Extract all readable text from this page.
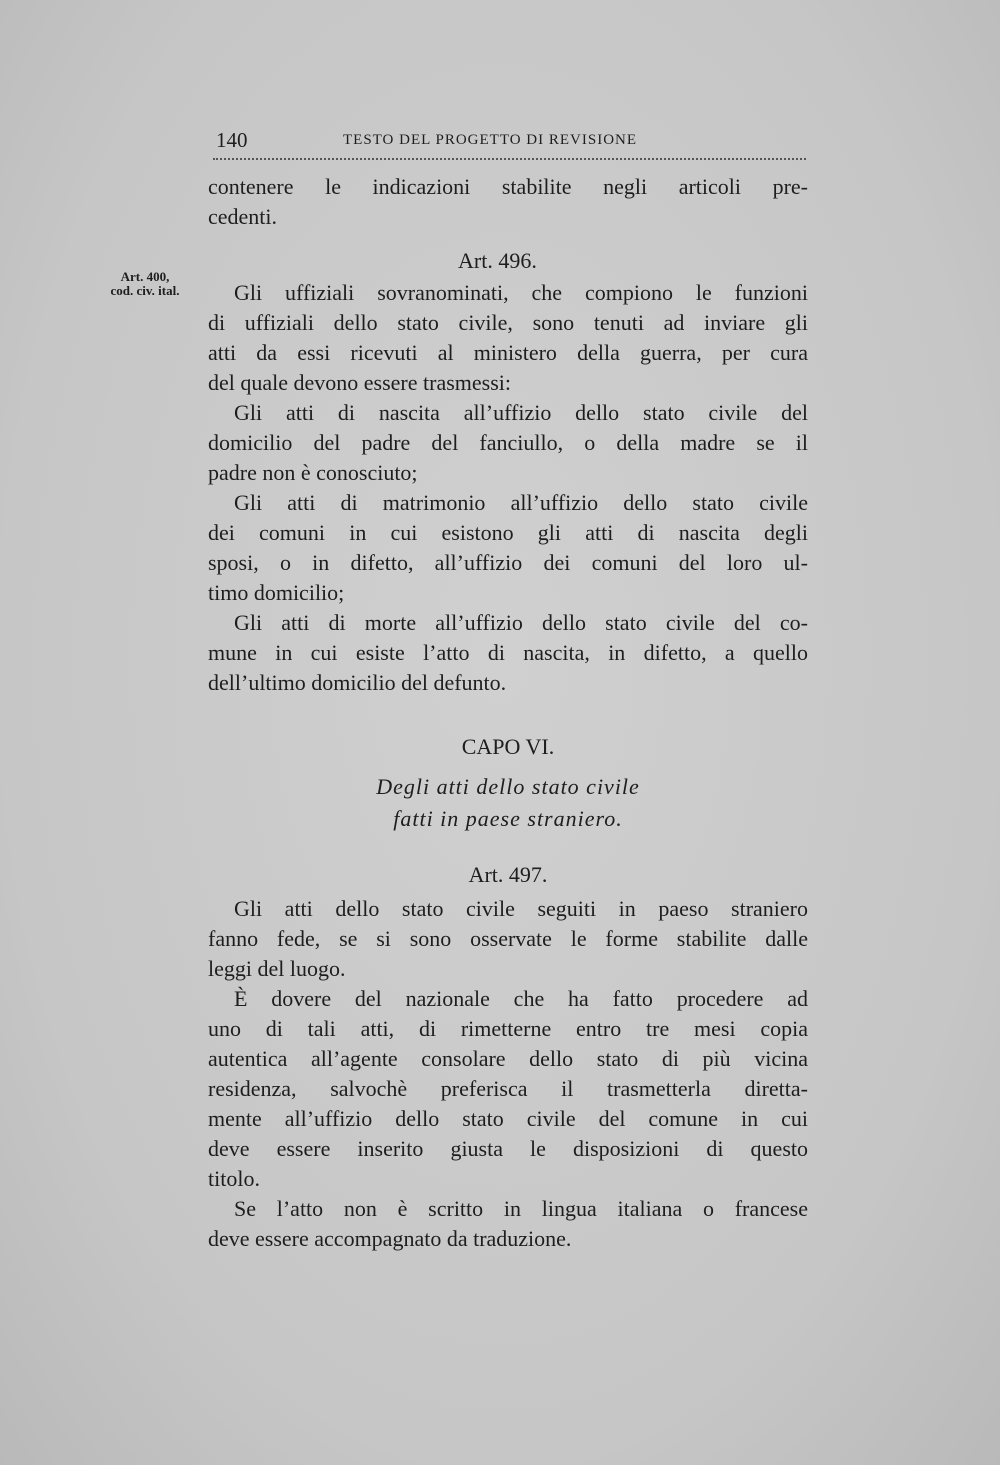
140	TESTO DEL PROGETTO DI REVISIONE
Art. 400,
cod. civ. ital.
contenere le indicazioni stabilite negli articoli pre-
cedenti.
Art. 496.
Gli uffiziali sovranominati, che compiono le funzioni
di uffiziali dello stato civile, sono tenuti ad inviare gli
atti da essi ricevuti al ministero della guerra, per cura
del quale devono essere trasmessi:
Gli atti di nascita all’uffizio dello stato civile del
domicilio del padre del fanciullo, o della madre se il
padre non è conosciuto;
Gli atti di matrimonio all’uffizio dello stato civile
dei comuni in cui esistono gli atti di nascita degli
sposi, o in difetto, all’uffizio dei comuni del loro ul-
timo domicilio;
Gli atti di morte all’uffizio dello stato civile del co-
mune in cui esiste l’atto di nascita, in difetto, a quello
dell’ultimo domicilio del defunto.
CAPO VI.
Degli atti dello stato civile
fatti in paese straniero.
Art. 497.
Gli atti dello stato civile seguiti in paeso straniero
fanno fede, se si sono osservate le forme stabilite dalle
leggi del luogo.
È dovere del nazionale che ha fatto procedere ad
uno di tali atti, di rimetterne entro tre mesi copia
autentica all’agente consolare dello stato di più vicina
residenza, salvochè preferisca il trasmetterla diretta-
mente all’uffizio dello stato civile del comune in cui
deve essere inserito giusta le disposizioni di questo
titolo.
Se l’atto non è scritto in lingua italiana o francese
deve essere accompagnato da traduzione.
